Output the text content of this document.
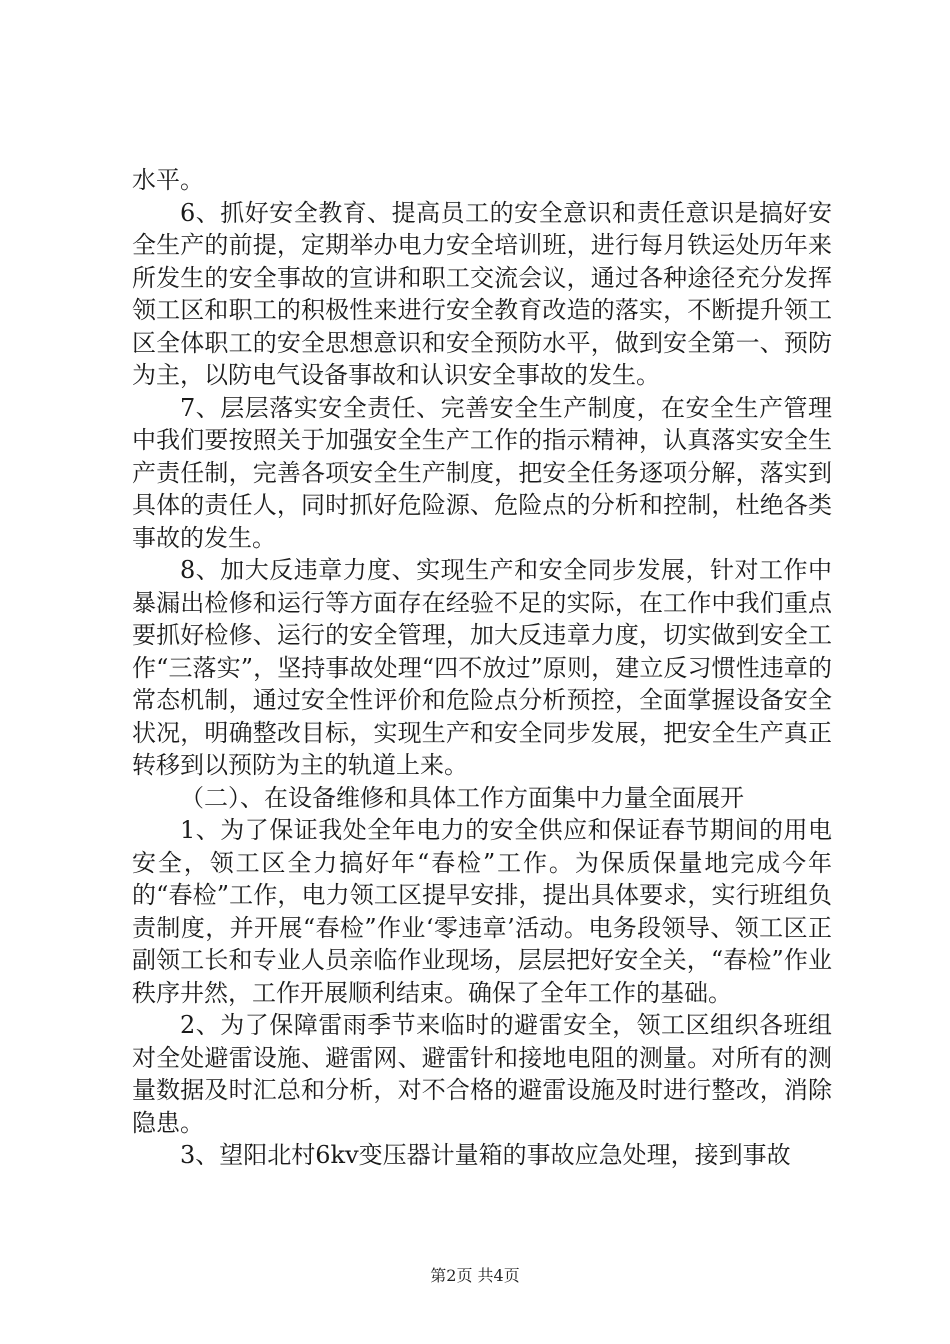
水平。

6、抓好安全教育、提高员工的安全意识和责任意识是搞好安全生产的前提，定期举办电力安全培训班，进行每月铁运处历年来所发生的安全事故的宣讲和职工交流会议，通过各种途径充分发挥领工区和职工的积极性来进行安全教育改造的落实，不断提升领工区全体职工的安全思想意识和安全预防水平，做到安全第一、预防为主，以防电气设备事故和认识安全事故的发生。

7、层层落实安全责任、完善安全生产制度，在安全生产管理中我们要按照关于加强安全生产工作的指示精神，认真落实安全生产责任制，完善各项安全生产制度，把安全任务逐项分解，落实到具体的责任人，同时抓好危险源、危险点的分析和控制，杜绝各类事故的发生。

8、加大反违章力度、实现生产和安全同步发展，针对工作中暴漏出检修和运行等方面存在经验不足的实际，在工作中我们重点要抓好检修、运行的安全管理，加大反违章力度，切实做到安全工作“三落实”，坚持事故处理“四不放过”原则，建立反习惯性违章的常态机制，通过安全性评价和危险点分析预控，全面掌握设备安全状况，明确整改目标，实现生产和安全同步发展，把安全生产真正转移到以预防为主的轨道上来。

（二）、在设备维修和具体工作方面集中力量全面展开

1、为了保证我处全年电力的安全供应和保证春节期间的用电安全，领工区全力搞好年“春检”工作。为保质保量地完成今年的“春检”工作，电力领工区提早安排，提出具体要求，实行班组负责制度，并开展“春检”作业‘零违章’活动。电务段领导、领工区正副领工长和专业人员亲临作业现场，层层把好安全关，“春检”作业秩序井然，工作开展顺利结束。确保了全年工作的基础。

2、为了保障雷雨季节来临时的避雷安全，领工区组织各班组对全处避雷设施、避雷网、避雷针和接地电阻的测量。对所有的测量数据及时汇总和分析，对不合格的避雷设施及时进行整改，消除隐患。

3、望阳北村6kv变压器计量箱的事故应急处理，接到事故

第2页 共4页
